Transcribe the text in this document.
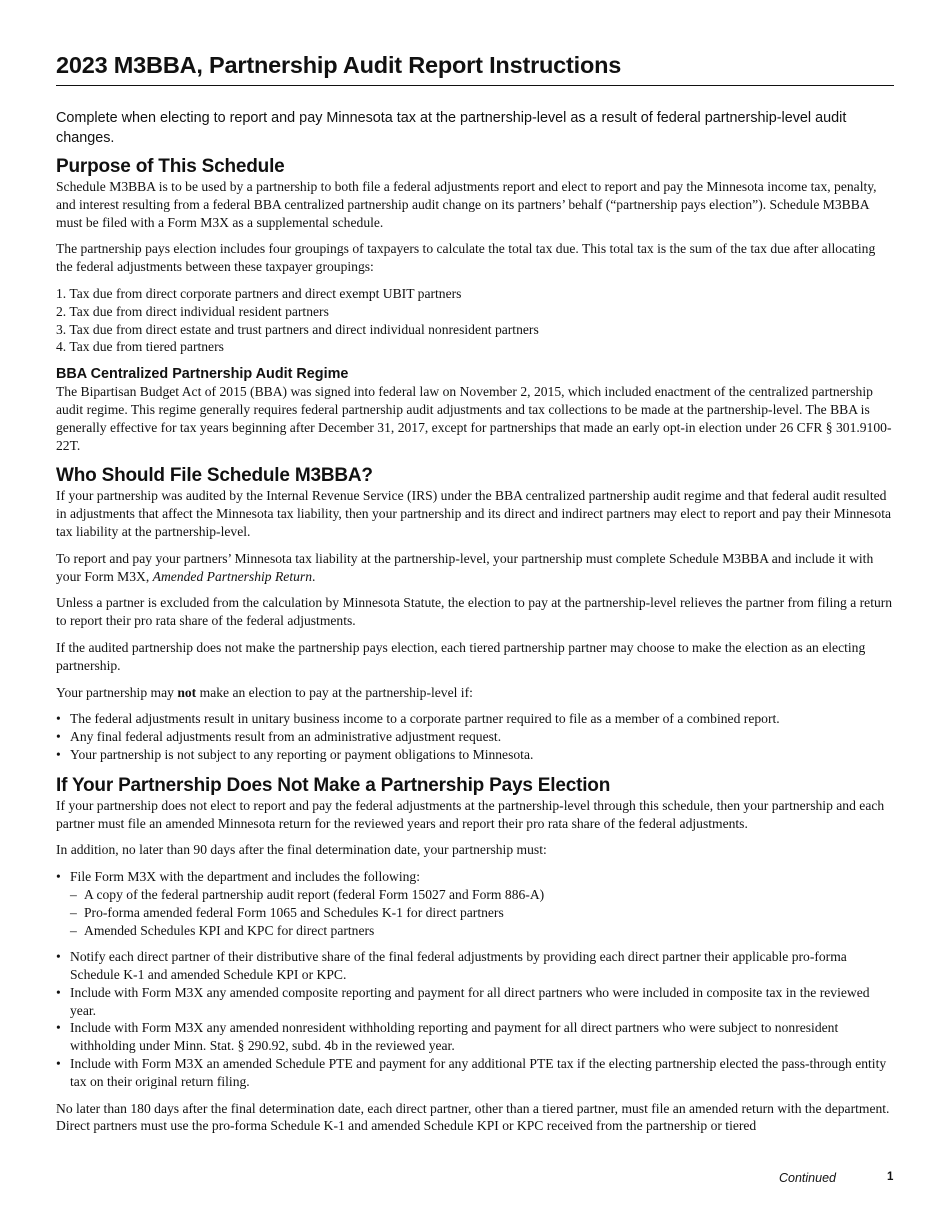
2023 M3BBA, Partnership Audit Report Instructions

Complete when electing to report and pay Minnesota tax at the partnership-level as a result of federal partnership-level audit changes.

Purpose of This Schedule

Schedule M3BBA is to be used by a partnership to both file a federal adjustments report and elect to report and pay the Minnesota income tax, penalty, and interest resulting from a federal BBA centralized partnership audit change on its partners’ behalf (“partnership pays election”). Schedule M3BBA must be filed with a Form M3X as a supplemental schedule.

The partnership pays election includes four groupings of taxpayers to calculate the total tax due. This total tax is the sum of the tax due after allocating the federal adjustments between these taxpayer groupings:

1. Tax due from direct corporate partners and direct exempt UBIT partners
2. Tax due from direct individual resident partners
3. Tax due from direct estate and trust partners and direct individual nonresident partners
4. Tax due from tiered partners
BBA Centralized Partnership Audit Regime

The Bipartisan Budget Act of 2015 (BBA) was signed into federal law on November 2, 2015, which included enactment of the centralized partnership audit regime. This regime generally requires federal partnership audit adjustments and tax collections to be made at the partnership-level. The BBA is generally effective for tax years beginning after December 31, 2017, except for partnerships that made an early opt-in election under 26 CFR § 301.9100-22T.

Who Should File Schedule M3BBA?

If your partnership was audited by the Internal Revenue Service (IRS) under the BBA centralized partnership audit regime and that federal audit resulted in adjustments that affect the Minnesota tax liability, then your partnership and its direct and indirect partners may elect to report and pay their Minnesota tax liability at the partnership-level.

To report and pay your partners’ Minnesota tax liability at the partnership-level, your partnership must complete Schedule M3BBA and include it with your Form M3X, Amended Partnership Return.

Unless a partner is excluded from the calculation by Minnesota Statute, the election to pay at the partnership-level relieves the partner from filing a return to report their pro rata share of the federal adjustments.

If the audited partnership does not make the partnership pays election, each tiered partnership partner may choose to make the election as an electing partnership.

Your partnership may not make an election to pay at the partnership-level if:

• The federal adjustments result in unitary business income to a corporate partner required to file as a member of a combined report.
• Any final federal adjustments result from an administrative adjustment request.
• Your partnership is not subject to any reporting or payment obligations to Minnesota.
If Your Partnership Does Not Make a Partnership Pays Election

If your partnership does not elect to report and pay the federal adjustments at the partnership-level through this schedule, then your partnership and each partner must file an amended Minnesota return for the reviewed years and report their pro rata share of the federal adjustments.

In addition, no later than 90 days after the final determination date, your partnership must:

• File Form M3X with the department and includes the following:
– A copy of the federal partnership audit report (federal Form 15027 and Form 886-A)
– Pro-forma amended federal Form 1065 and Schedules K-1 for direct partners
– Amended Schedules KPI and KPC for direct partners
• Notify each direct partner of their distributive share of the final federal adjustments by providing each direct partner their applicable pro-forma Schedule K-1 and amended Schedule KPI or KPC.
• Include with Form M3X any amended composite reporting and payment for all direct partners who were included in composite tax in the reviewed year.
• Include with Form M3X any amended nonresident withholding reporting and payment for all direct partners who were subject to nonresident withholding under Minn. Stat. § 290.92, subd. 4b in the reviewed year.
• Include with Form M3X an amended Schedule PTE and payment for any additional PTE tax if the electing partnership elected the pass-through entity tax on their original return filing.

No later than 180 days after the final determination date, each direct partner, other than a tiered partner, must file an amended return with the department. Direct partners must use the pro-forma Schedule K-1 and amended Schedule KPI or KPC received from the partnership or tiered

Continued	1
